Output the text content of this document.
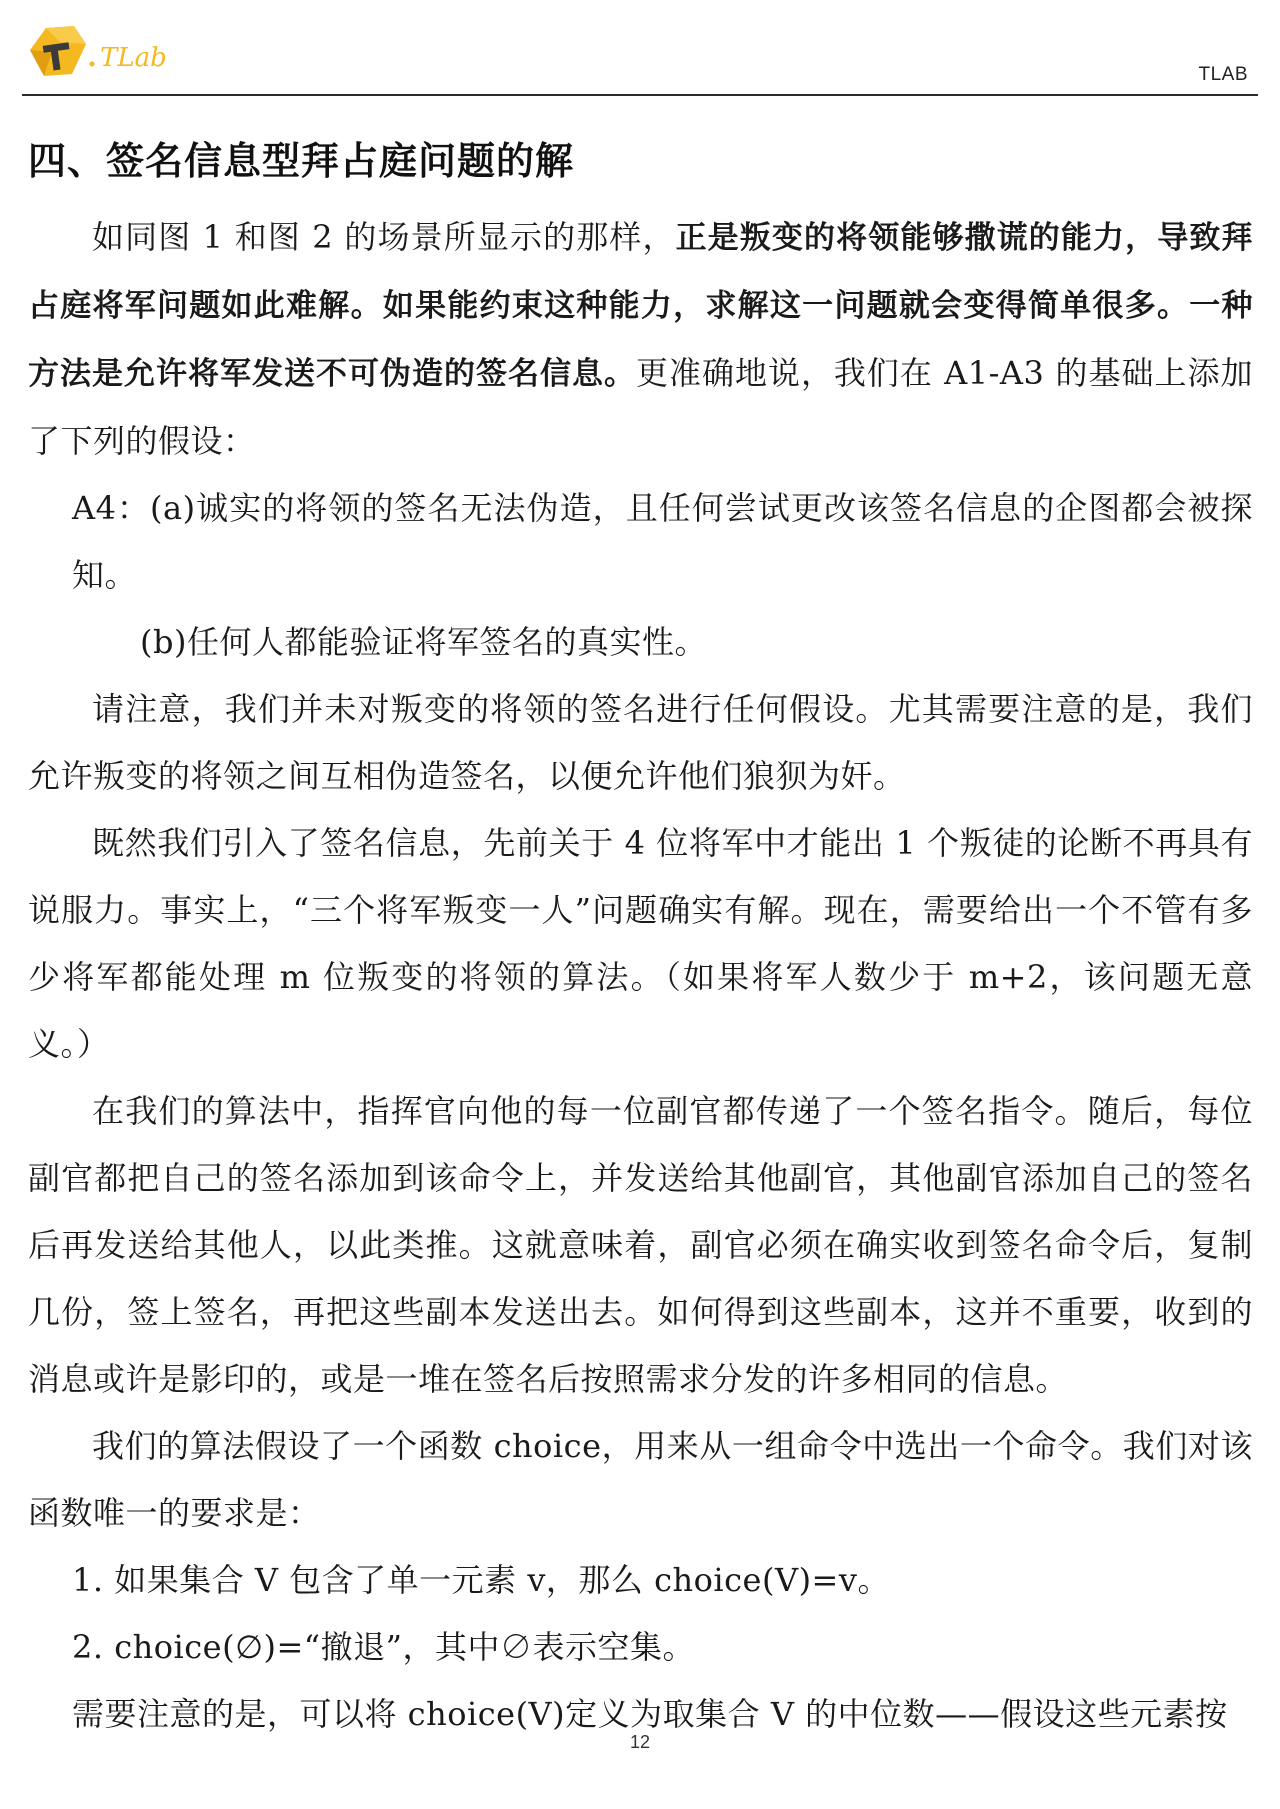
TLab
TLAB
四、签名信息型拜占庭问题的解

如同图 1 和图 2 的场景所显示的那样，正是叛变的将领能够撒谎的能力，导致拜占庭将军问题如此难解。如果能约束这种能力，求解这一问题就会变得简单很多。一种方法是允许将军发送不可伪造的签名信息。更准确地说，我们在 A1-A3 的基础上添加了下列的假设：

A4：(a)诚实的将领的签名无法伪造，且任何尝试更改该签名信息的企图都会被探知。

(b)任何人都能验证将军签名的真实性。

请注意，我们并未对叛变的将领的签名进行任何假设。尤其需要注意的是，我们允许叛变的将领之间互相伪造签名，以便允许他们狼狈为奸。

既然我们引入了签名信息，先前关于 4 位将军中才能出 1 个叛徒的论断不再具有说服力。事实上，“三个将军叛变一人”问题确实有解。现在，需要给出一个不管有多少将军都能处理 m 位叛变的将领的算法。（如果将军人数少于 m+2，该问题无意义。）

在我们的算法中，指挥官向他的每一位副官都传递了一个签名指令。随后，每位副官都把自己的签名添加到该命令上，并发送给其他副官，其他副官添加自己的签名后再发送给其他人，以此类推。这就意味着，副官必须在确实收到签名命令后，复制几份，签上签名，再把这些副本发送出去。如何得到这些副本，这并不重要，收到的消息或许是影印的，或是一堆在签名后按照需求分发的许多相同的信息。

我们的算法假设了一个函数 choice，用来从一组命令中选出一个命令。我们对该函数唯一的要求是：

1. 如果集合 V 包含了单一元素 v，那么 choice(V)=v。

2. choice(∅)=“撤退”，其中∅表示空集。

需要注意的是，可以将 choice(V)定义为取集合 V 的中位数——假设这些元素按

12
